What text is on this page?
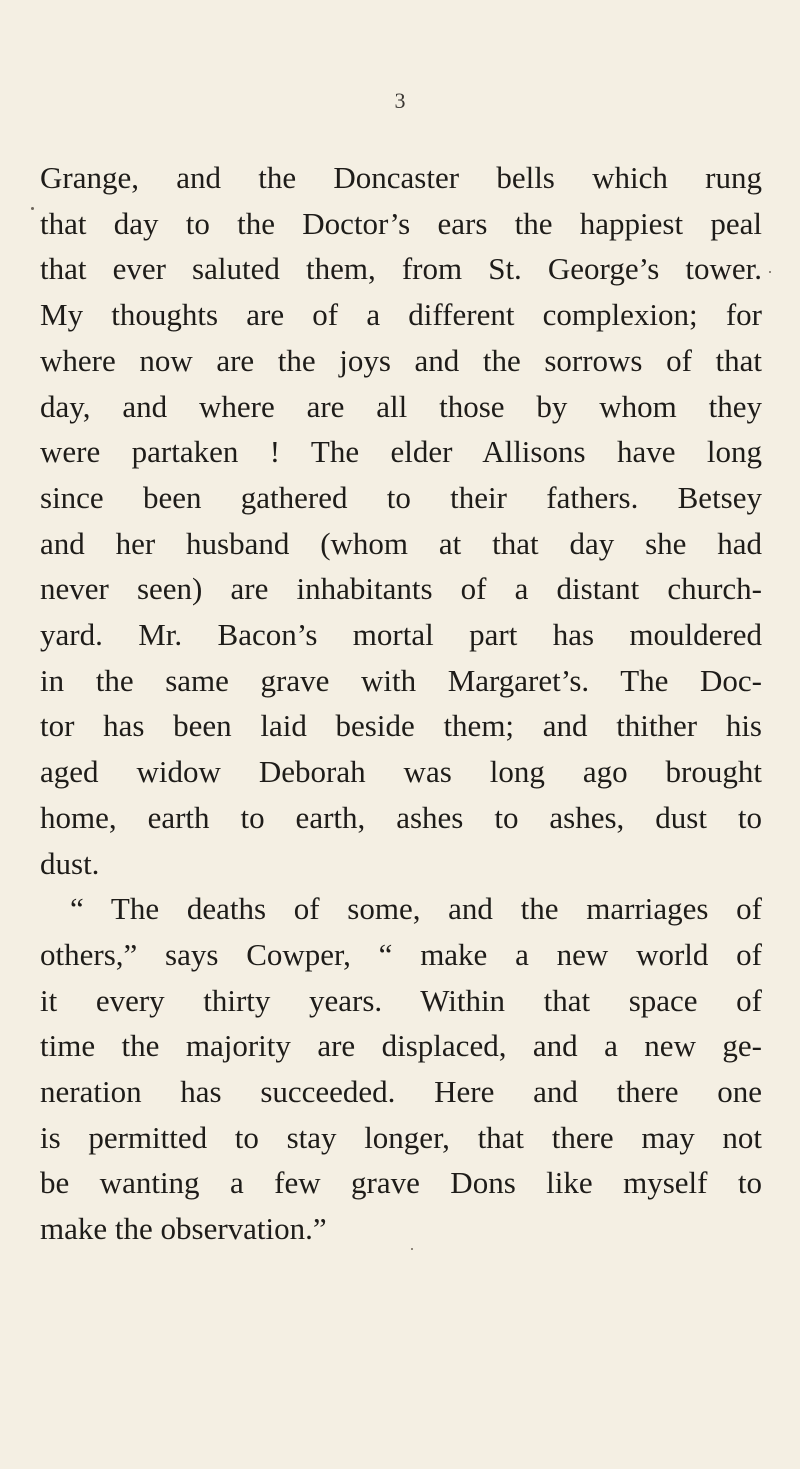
3
Grange, and the Doncaster bells which rung
that day to the Doctor’s ears the happiest peal
that ever saluted them, from St. George’s tower.
My thoughts are of a different complexion; for
where now are the joys and the sorrows of that
day, and where are all those by whom they
were partaken ! The elder Allisons have long
since been gathered to their fathers. Betsey
and her husband (whom at that day she had
never seen) are inhabitants of a distant church-
yard. Mr. Bacon’s mortal part has mouldered
in the same grave with Margaret’s. The Doc-
tor has been laid beside them; and thither his
aged widow Deborah was long ago brought
home, earth to earth, ashes to ashes, dust to
dust.
“ The deaths of some, and the marriages of
others,” says Cowper, “ make a new world of
it every thirty years. Within that space of
time the majority are displaced, and a new ge-
neration has succeeded. Here and there one
is permitted to stay longer, that there may not
be wanting a few grave Dons like myself to
make the observation.”
